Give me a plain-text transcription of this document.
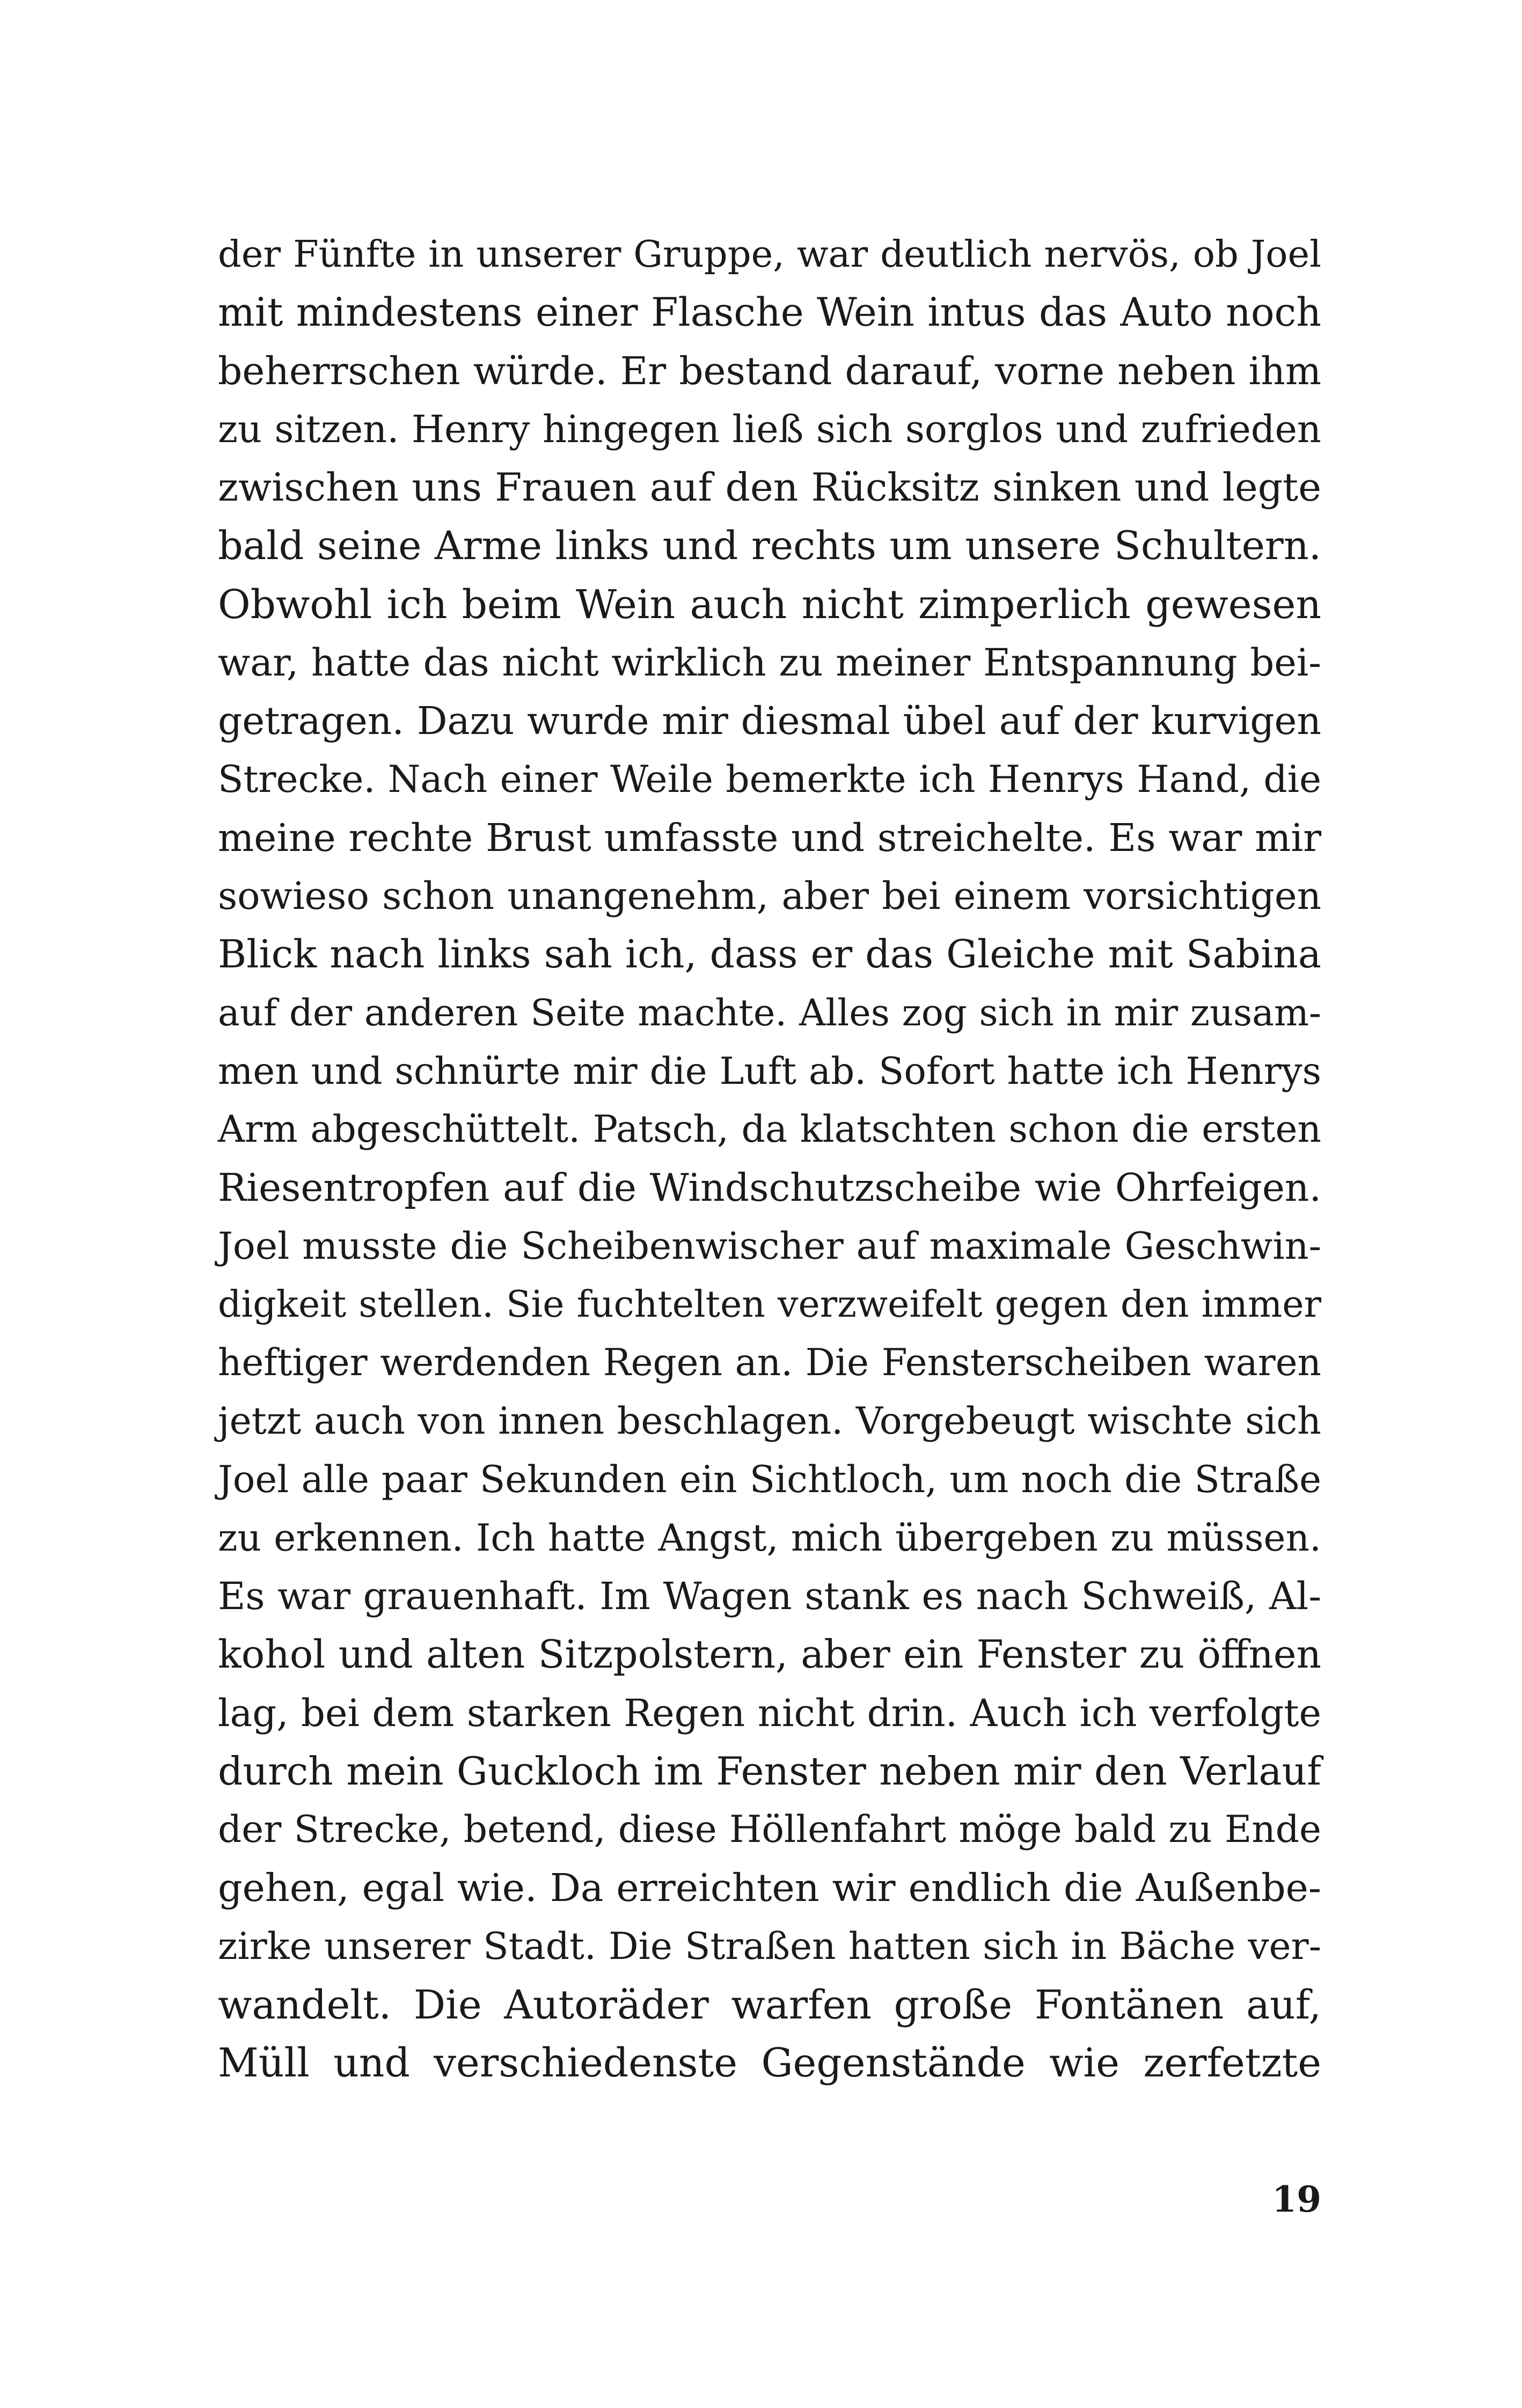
der Fünfte in unserer Gruppe, war deutlich nervös, ob Joel
mit mindestens einer Flasche Wein intus das Auto noch
beherrschen würde. Er bestand darauf, vorne neben ihm
zu sitzen. Henry hingegen ließ sich sorglos und zufrieden
zwischen uns Frauen auf den Rücksitz sinken und legte
bald seine Arme links und rechts um unsere Schultern.
Obwohl ich beim Wein auch nicht zimperlich gewesen
war, hatte das nicht wirklich zu meiner Entspannung bei-
getragen. Dazu wurde mir diesmal übel auf der kurvigen
Strecke. Nach einer Weile bemerkte ich Henrys Hand, die
meine rechte Brust umfasste und streichelte. Es war mir
sowieso schon unangenehm, aber bei einem vorsichtigen
Blick nach links sah ich, dass er das Gleiche mit Sabina
auf der anderen Seite machte. Alles zog sich in mir zusam-
men und schnürte mir die Luft ab. Sofort hatte ich Henrys
Arm abgeschüttelt. Patsch, da klatschten schon die ersten
Riesentropfen auf die Windschutzscheibe wie Ohrfeigen.
Joel musste die Scheibenwischer auf maximale Geschwin-
digkeit stellen. Sie fuchtelten verzweifelt gegen den immer
heftiger werdenden Regen an. Die Fensterscheiben waren
jetzt auch von innen beschlagen. Vorgebeugt wischte sich
Joel alle paar Sekunden ein Sichtloch, um noch die Straße
zu erkennen. Ich hatte Angst, mich übergeben zu müssen.
Es war grauenhaft. Im Wagen stank es nach Schweiß, Al-
kohol und alten Sitzpolstern, aber ein Fenster zu öffnen
lag, bei dem starken Regen nicht drin. Auch ich verfolgte
durch mein Guckloch im Fenster neben mir den Verlauf
der Strecke, betend, diese Höllenfahrt möge bald zu Ende
gehen, egal wie. Da erreichten wir endlich die Außenbe-
zirke unserer Stadt. Die Straßen hatten sich in Bäche ver-
wandelt. Die Autoräder warfen große Fontänen auf,
Müll und verschiedenste Gegenstände wie zerfetzte
19
